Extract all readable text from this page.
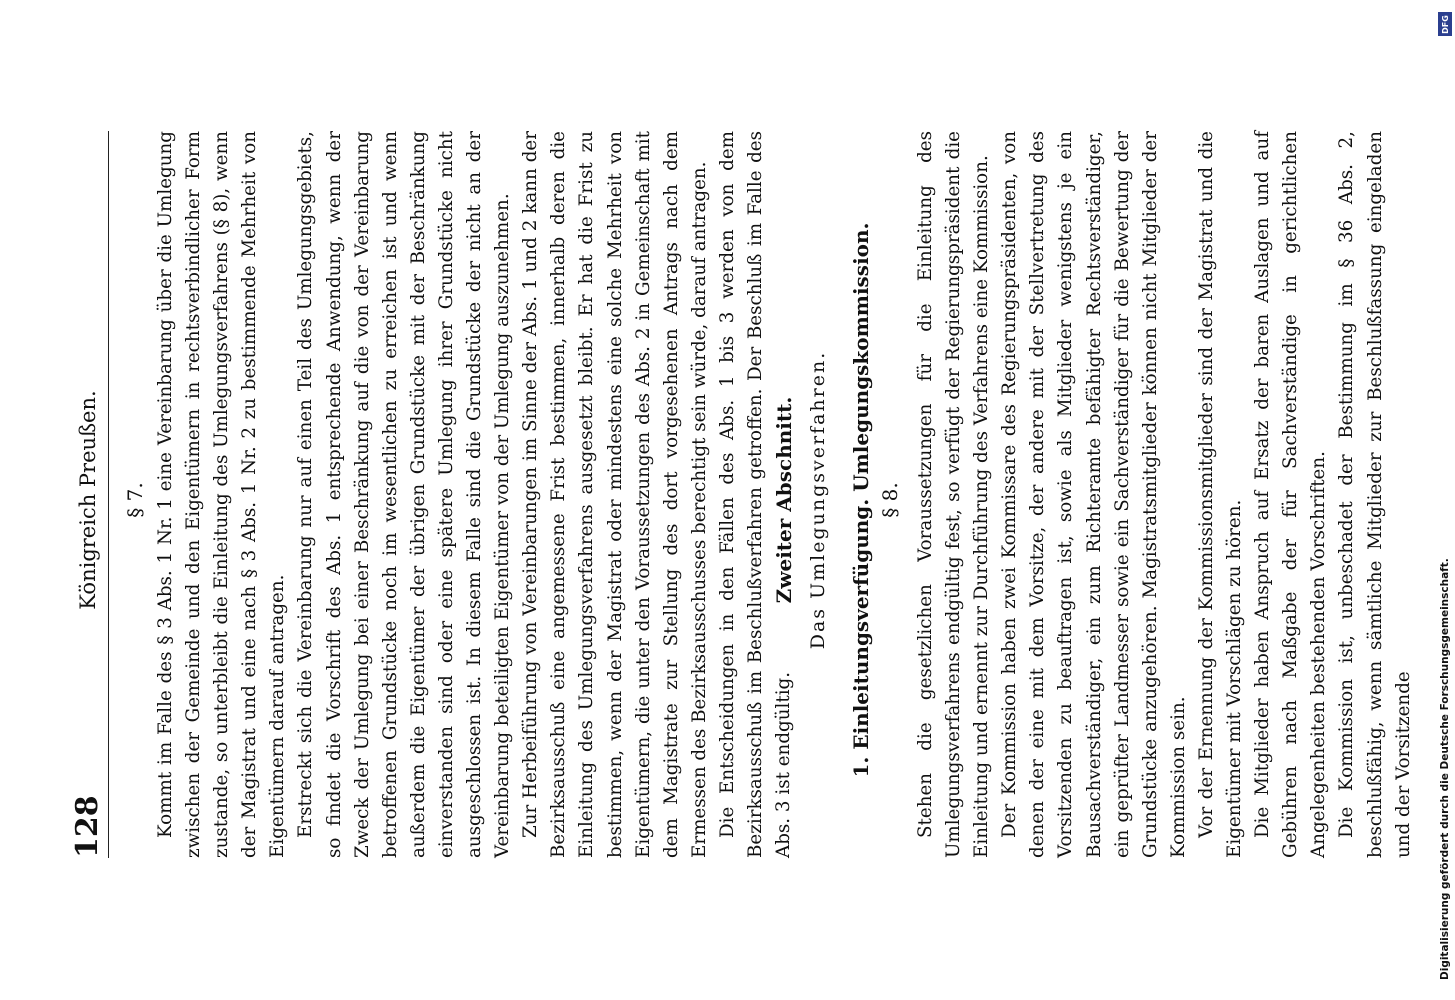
128
Königreich Preußen. § 7. Kommt im Falle des § 3 Abs. 1 Nr. 1 eine Vereinbarung über die Umlegung zwischen der Gemeinde und den Eigentümern in rechtsverbindlicher Form zustande, so unterbleibt die Einleitung des Umlegungsverfahrens (§ 8), wenn der Magistrat und eine nach § 3 Abs. 1 Nr. 2 zu bestimmende Mehrheit von Eigentümern darauf antragen. Erstreckt sich die Vereinbarung nur auf einen Teil des Umlegungsgebiets, so findet die Vorschrift des Abs. 1 entsprechende Anwendung, wenn der Zweck der Umlegung bei einer Beschränkung auf die von der Vereinbarung betroffenen Grundstücke noch im wesentlichen zu erreichen ist und wenn außerdem die Eigentümer der übrigen Grundstücke mit der Beschränkung einverstanden sind oder eine spätere Umlegung ihrer Grundstücke nicht ausgeschlossen ist. In diesem Falle sind die Grundstücke der nicht an der Vereinbarung beteiligten Eigentümer von der Umlegung auszunehmen. Zur Herbeiführung von Vereinbarungen im Sinne der Abs. 1 und 2 kann der Bezirksausschuß eine angemessene Frist bestimmen, innerhalb deren die Einleitung des Umlegungsverfahrens ausgesetzt bleibt. Er hat die Frist zu bestimmen, wenn der Magistrat oder mindestens eine solche Mehrheit von Eigentümern, die unter den Voraussetzungen des Abs. 2 in Gemeinschaft mit dem Magistrate zur Stellung des dort vorgesehenen Antrags nach dem Ermessen des Bezirksausschusses berechtigt sein würde, darauf antragen. Die Entscheidungen in den Fällen des Abs. 1 bis 3 werden von dem Bezirksausschuß im Beschlußverfahren getroffen. Der Beschluß im Falle des Abs. 3 ist endgültig.

Zweiter Abschnitt. Das Umlegungsverfahren. 1. Einleitungsverfügung. Umlegungskommission. § 8. Stehen die gesetzlichen Voraussetzungen für die Einleitung des Umlegungsverfahrens endgültig fest, so verfügt der Regierungspräsident die Einleitung und ernennt zur Durchführung des Verfahrens eine Kommission. Der Kommission haben zwei Kommissare des Regierungspräsidenten, von denen der eine mit dem Vorsitze, der andere mit der Stellvertretung des Vorsitzenden zu beauftragen ist, sowie als Mitglieder wenigstens je ein Bausachverständiger, ein zum Richteramte befähigter Rechtsverständiger, ein geprüfter Landmesser sowie ein Sachverständiger für die Bewertung der Grundstücke anzugehören. Magistratsmitglieder können nicht Mitglieder der Kommission sein. Vor der Ernennung der Kommissionsmitglieder sind der Magistrat und die Eigentümer mit Vorschlägen zu hören. Die Mitglieder haben Anspruch auf Ersatz der baren Auslagen und auf Gebühren nach Maßgabe der für Sachverständige in gerichtlichen Angelegenheiten bestehenden Vorschriften. Die Kommission ist, unbeschadet der Bestimmung im § 36 Abs. 2, beschlußfähig, wenn sämtliche Mitglieder zur Beschlußfassung eingeladen und der Vorsitzende

DFG
Digitalisierung gefördert durch die Deutsche Forschungsgemeinschaft.
